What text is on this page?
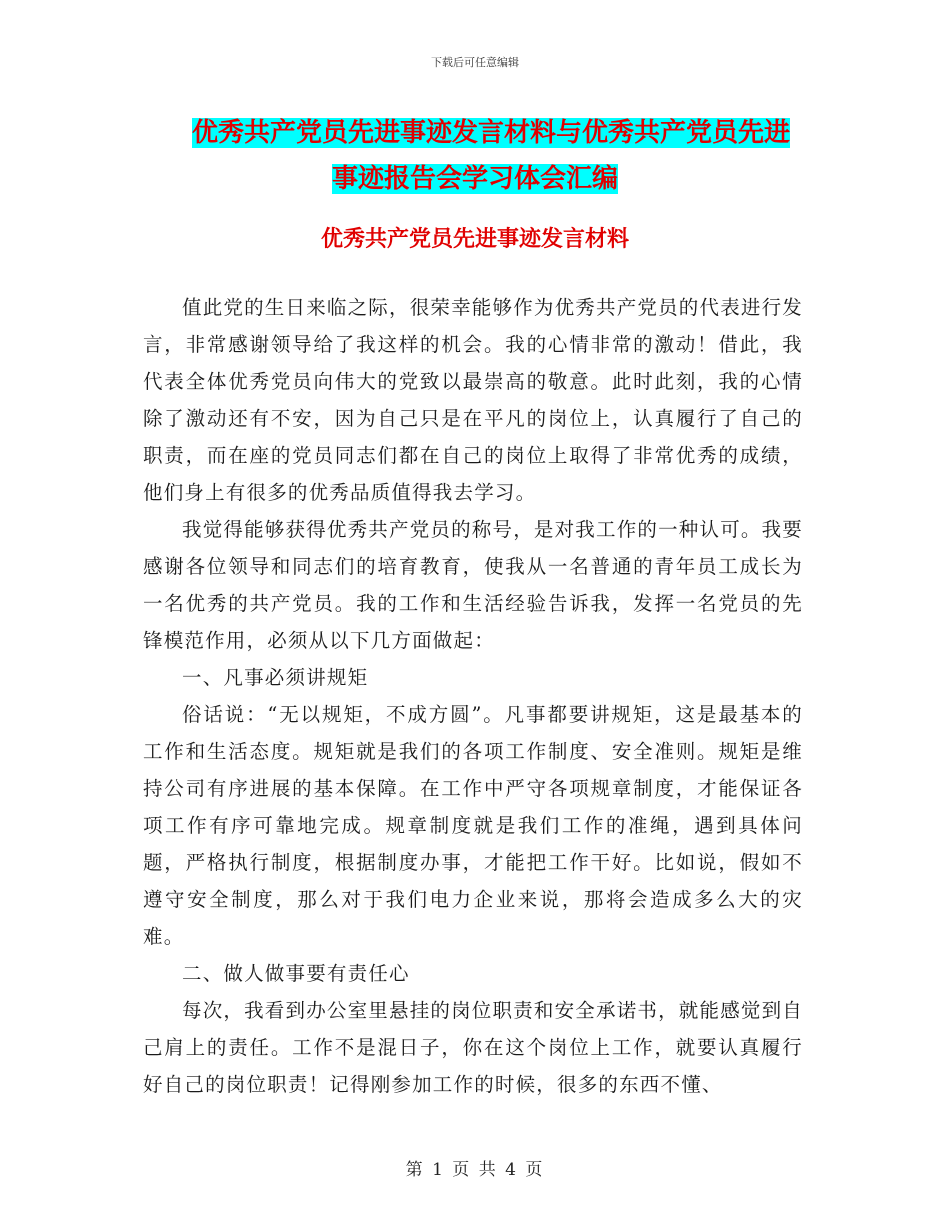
下载后可任意编辑
优秀共产党员先进事迹发言材料与优秀共产党员先进
事迹报告会学习体会汇编
优秀共产党员先进事迹发言材料

值此党的生日来临之际，很荣幸能够作为优秀共产党员的代表进行发言，非常感谢领导给了我这样的机会。我的心情非常的激动！借此，我代表全体优秀党员向伟大的党致以最崇高的敬意。此时此刻，我的心情除了激动还有不安，因为自己只是在平凡的岗位上，认真履行了自己的职责，而在座的党员同志们都在自己的岗位上取得了非常优秀的成绩，他们身上有很多的优秀品质值得我去学习。

我觉得能够获得优秀共产党员的称号，是对我工作的一种认可。我要感谢各位领导和同志们的培育教育，使我从一名普通的青年员工成长为一名优秀的共产党员。我的工作和生活经验告诉我，发挥一名党员的先锋模范作用，必须从以下几方面做起：

一、凡事必须讲规矩

俗话说：“无以规矩，不成方圆”。凡事都要讲规矩，这是最基本的工作和生活态度。规矩就是我们的各项工作制度、安全准则。规矩是维持公司有序进展的基本保障。在工作中严守各项规章制度，才能保证各项工作有序可靠地完成。规章制度就是我们工作的准绳，遇到具体问题，严格执行制度，根据制度办事，才能把工作干好。比如说，假如不遵守安全制度，那么对于我们电力企业来说，那将会造成多么大的灾难。

二、做人做事要有责任心

每次，我看到办公室里悬挂的岗位职责和安全承诺书，就能感觉到自己肩上的责任。工作不是混日子，你在这个岗位上工作，就要认真履行好自己的岗位职责！记得刚参加工作的时候，很多的东西不懂、

第 1 页 共 4 页
